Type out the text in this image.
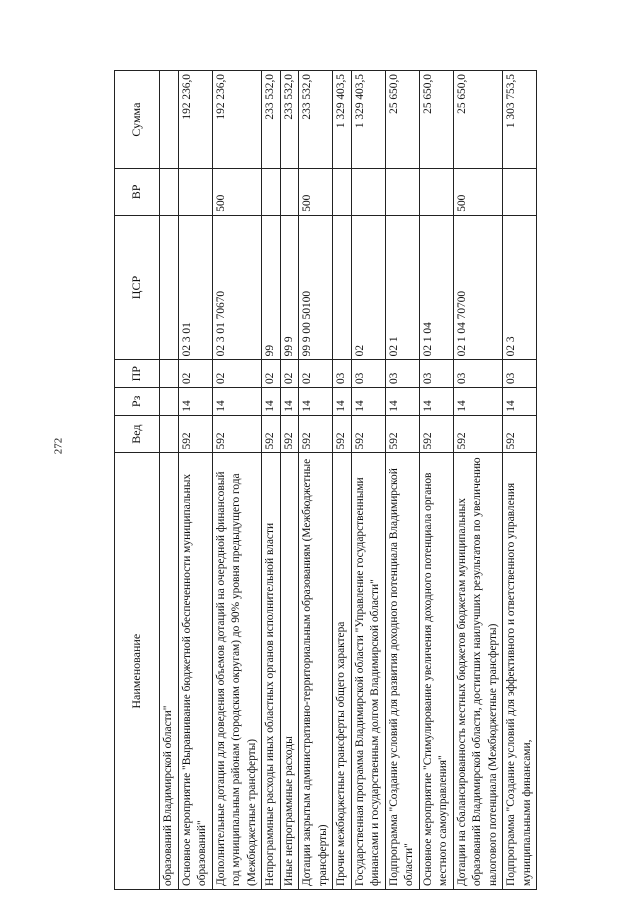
272
Наименование	Вед	Рз	ПР	ЦСР	ВР	Сумма
образований Владимирской области"						
Основное мероприятие "Выравнивание бюджетной обеспеченности муниципальных образований"	592	14	02	02 3 01		192 236,0
Дополнительные дотации для доведения объемов дотаций на очередной финансовый год муниципальным районам (городским округам) до 90% уровня предыдущего года (Межбюджетные трансферты)	592	14	02	02 3 01 70670	500	192 236,0
Непрограммные расходы иных областных органов исполнительной власти	592	14	02	99		233 532,0
Иные непрограммные расходы	592	14	02	99 9		233 532,0
Дотации закрытым административно-территориальным образованиям (Межбюджетные трансферты)	592	14	02	99 9 00 50100	500	233 532,0
Прочие межбюджетные трансферты общего характера	592	14	03			1 329 403,5
Государственная программа Владимирской области "Управление государственными финансами и государственным долгом Владимирской области"	592	14	03	02		1 329 403,5
Подпрограмма "Создание условий для развития доходного потенциала Владимирской области"	592	14	03	02 1		25 650,0
Основное мероприятие "Стимулирование увеличения доходного потенциала органов местного самоуправления"	592	14	03	02 1 04		25 650,0
Дотации на сбалансированность местных бюджетов бюджетам муниципальных образований Владимирской области, достигших наилучших результатов по увеличению налогового потенциала (Межбюджетные трансферты)	592	14	03	02 1 04 70700	500	25 650,0
Подпрограмма "Создание условий для эффективного и ответственного управления муниципальными финансами,	592	14	03	02 3		1 303 753,5
